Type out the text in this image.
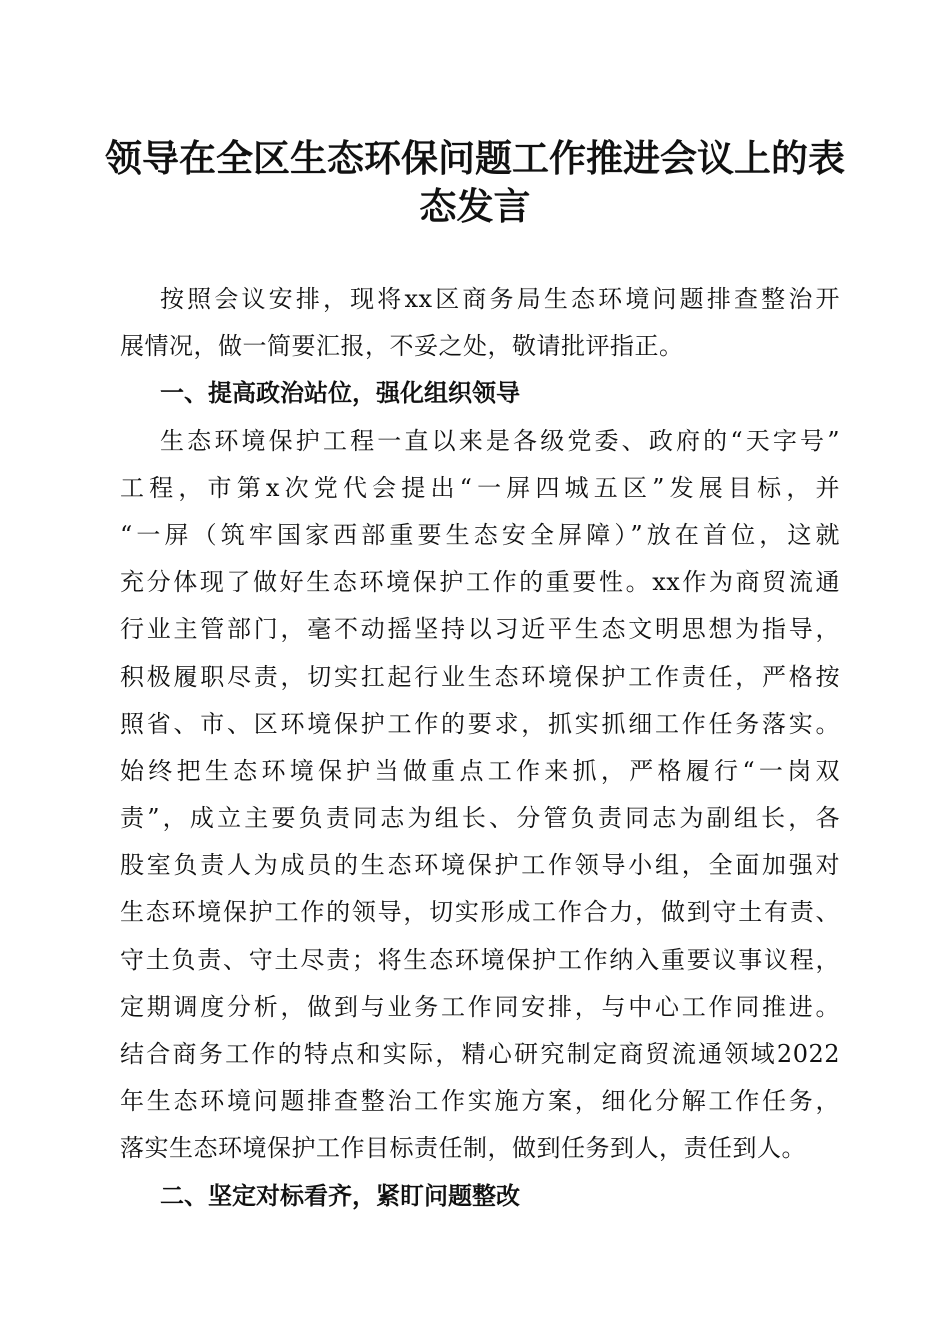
领导在全区生态环保问题工作推进会议上的表
态发言
按照会议安排，现将xx区商务局生态环境问题排查整治开
展情况，做一简要汇报，不妥之处，敬请批评指正。
一、提高政治站位，强化组织领导
生态环境保护工程一直以来是各级党委、政府的“天字号”
工程，市第x次党代会提出“一屏四城五区”发展目标，并
“一屏（筑牢国家西部重要生态安全屏障）”放在首位，这就
充分体现了做好生态环境保护工作的重要性。xx作为商贸流通
行业主管部门，毫不动摇坚持以习近平生态文明思想为指导，
积极履职尽责，切实扛起行业生态环境保护工作责任，严格按
照省、市、区环境保护工作的要求，抓实抓细工作任务落实。
始终把生态环境保护当做重点工作来抓，严格履行“一岗双
责”，成立主要负责同志为组长、分管负责同志为副组长，各
股室负责人为成员的生态环境保护工作领导小组，全面加强对
生态环境保护工作的领导，切实形成工作合力，做到守土有责、
守土负责、守土尽责；将生态环境保护工作纳入重要议事议程，
定期调度分析，做到与业务工作同安排，与中心工作同推进。
结合商务工作的特点和实际，精心研究制定商贸流通领域2022
年生态环境问题排查整治工作实施方案，细化分解工作任务，
落实生态环境保护工作目标责任制，做到任务到人，责任到人。
二、坚定对标看齐，紧盯问题整改
